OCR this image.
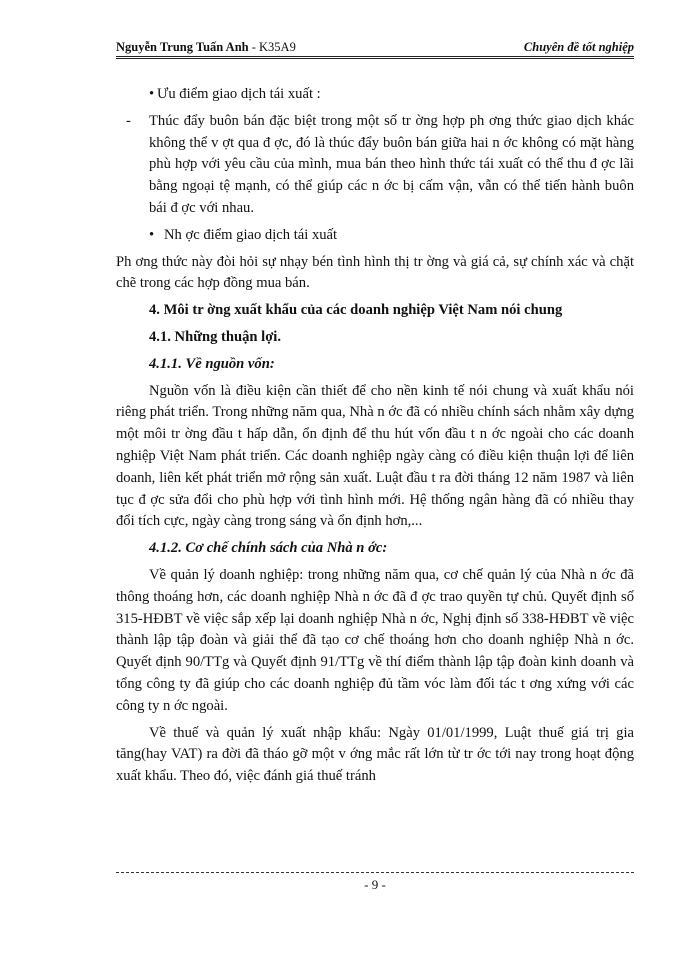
Nguyễn Trung Tuấn Anh - K35A9	Chuyên đề tốt nghiệp

• Ưu điểm giao dịch tái xuất :

- Thúc đẩy buôn bán đặc biệt trong một số tr ờng hợp ph ơng thức giao dịch khác không thể v ợt qua đ ợc, đó là thúc đẩy buôn bán giữa hai n ớc không có mặt hàng phù hợp với yêu cầu của mình, mua bán theo hình thức tái xuất có thể thu đ ợc lãi bằng ngoại tệ mạnh, có thể giúp các n ớc bị cấm vận, vẫn có thể tiến hành buôn bái đ ợc với nhau.

• Nh ợc điểm giao dịch tái xuất

Ph ơng thức này đòi hỏi sự nhạy bén tình hình thị tr ờng và giá cả, sự chính xác và chặt chẽ trong các hợp đồng mua bán.

4. Môi tr ờng xuất khẩu của các doanh nghiệp Việt Nam nói chung

4.1. Những thuận lợi.

4.1.1. Về nguồn vốn:

Nguồn vốn là điều kiện cần thiết để cho nền kinh tế nói chung và xuất khẩu nói riêng phát triển. Trong những năm qua, Nhà n ớc đã có nhiều chính sách nhằm xây dựng một môi tr ờng đầu t hấp dẫn, ổn định để thu hút vốn đầu t n ớc ngoài cho các doanh nghiệp Việt Nam phát triển. Các doanh nghiệp ngày càng có điều kiện thuận lợi để liên doanh, liên kết phát triển mở rộng sản xuất. Luật đầu t ra đời tháng 12 năm 1987 và liên tục đ ợc sửa đổi cho phù hợp với tình hình mới. Hệ thống ngân hàng đã có nhiều thay đổi tích cực, ngày càng trong sáng và ổn định hơn,...

4.1.2. Cơ chế chính sách của Nhà n ớc:

Về quản lý doanh nghiệp: trong những năm qua, cơ chế quản lý của Nhà n ớc đã thông thoáng hơn, các doanh nghiệp Nhà n ớc đã đ ợc trao quyền tự chủ. Quyết định số 315-HĐBT về việc sắp xếp lại doanh nghiệp Nhà n ớc, Nghị định số 338-HĐBT về việc thành lập tập đoàn và giải thể đã tạo cơ chế thoáng hơn cho doanh nghiệp Nhà n ớc. Quyết định 90/TTg và Quyết định 91/TTg về thí điểm thành lập tập đoàn kinh doanh và tổng công ty đã giúp cho các doanh nghiệp đủ tầm vóc làm đối tác t ơng xứng với các công ty n ớc ngoài.

Về thuế và quản lý xuất nhập khẩu: Ngày 01/01/1999, Luật thuế giá trị gia tăng(hay VAT) ra đời đã tháo gỡ một v ớng mắc rất lớn từ tr ớc tới nay trong hoạt động xuất khẩu. Theo đó, việc đánh giá thuế tránh

- 9 -
